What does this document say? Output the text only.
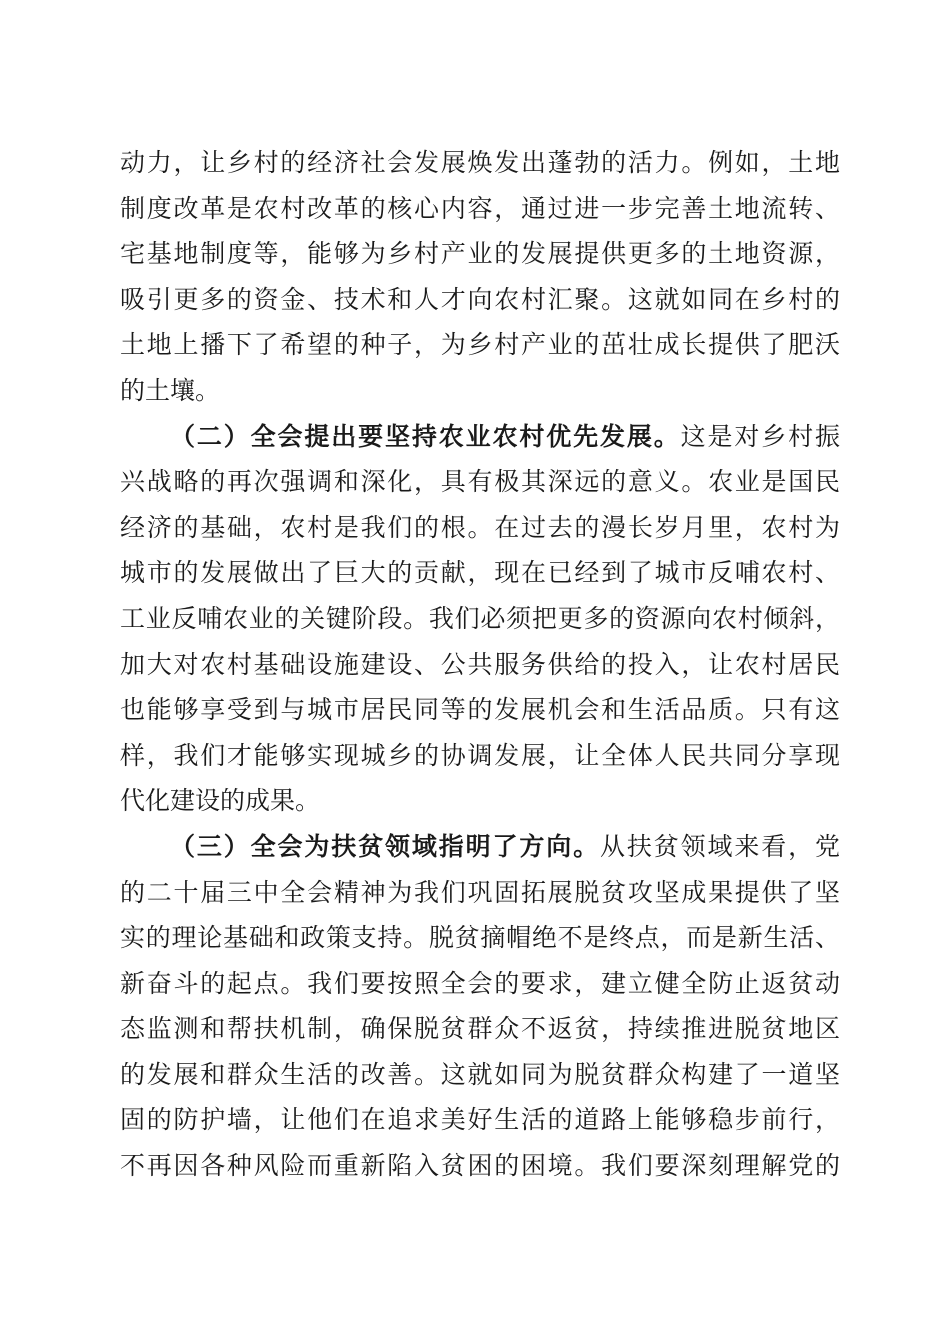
动力，让乡村的经济社会发展焕发出蓬勃的活力。例如，土地
制度改革是农村改革的核心内容，通过进一步完善土地流转、
宅基地制度等，能够为乡村产业的发展提供更多的土地资源，
吸引更多的资金、技术和人才向农村汇聚。这就如同在乡村的
土地上播下了希望的种子，为乡村产业的茁壮成长提供了肥沃
的土壤。
（二）全会提出要坚持农业农村优先发展。这是对乡村振
兴战略的再次强调和深化，具有极其深远的意义。农业是国民
经济的基础，农村是我们的根。在过去的漫长岁月里，农村为
城市的发展做出了巨大的贡献，现在已经到了城市反哺农村、
工业反哺农业的关键阶段。我们必须把更多的资源向农村倾斜，
加大对农村基础设施建设、公共服务供给的投入，让农村居民
也能够享受到与城市居民同等的发展机会和生活品质。只有这
样，我们才能够实现城乡的协调发展，让全体人民共同分享现
代化建设的成果。
（三）全会为扶贫领域指明了方向。从扶贫领域来看，党
的二十届三中全会精神为我们巩固拓展脱贫攻坚成果提供了坚
实的理论基础和政策支持。脱贫摘帽绝不是终点，而是新生活、
新奋斗的起点。我们要按照全会的要求，建立健全防止返贫动
态监测和帮扶机制，确保脱贫群众不返贫，持续推进脱贫地区
的发展和群众生活的改善。这就如同为脱贫群众构建了一道坚
固的防护墙，让他们在追求美好生活的道路上能够稳步前行，
不再因各种风险而重新陷入贫困的困境。我们要深刻理解党的
